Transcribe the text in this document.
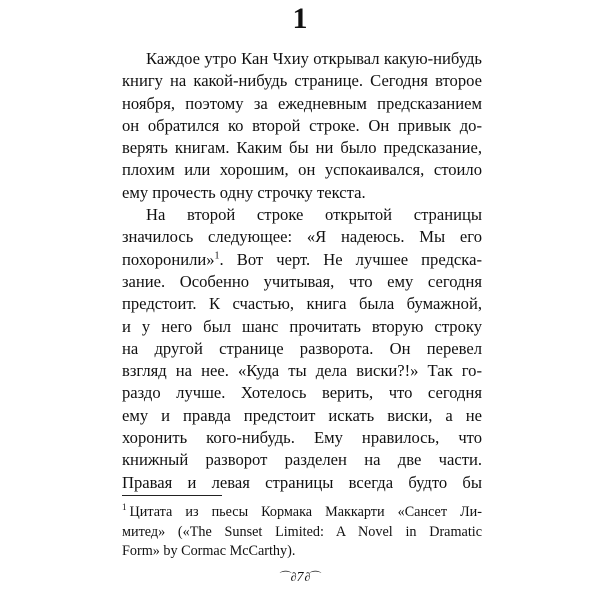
1
Каждое утро Кан Чхиу открывал какую-нибудь
книгу на какой-нибудь странице. Сегодня второе
ноября, поэтому за ежедневным предсказанием
он обратился ко второй строке. Он привык до-
верять книгам. Каким бы ни было предсказание,
плохим или хорошим, он успокаивался, стоило
ему прочесть одну строчку текста.
На второй строке открытой страницы
значилось следующее: «Я надеюсь. Мы его
похоронили»$^1$. Вот черт. Не лучшее предска-
зание. Особенно учитывая, что ему сегодня
предстоит. К счастью, книга была бумажной,
и у него был шанс прочитать вторую строку
на другой странице разворота. Он перевел
взгляд на нее. «Куда ты дела виски?!» Так го-
раздо лучше. Хотелось верить, что сегодня
ему и правда предстоит искать виски, а не
хоронить кого-нибудь. Ему нравилось, что
книжный разворот разделен на две части.
Правая и левая страницы всегда будто бы
$^1$ Цитата из пьесы Кормака Маккарти «Сансет Ли-
митед» («The Sunset Limited: A Novel in Dramatic
Form» by Cormac McCarthy).
⌒∂7∂⌒
